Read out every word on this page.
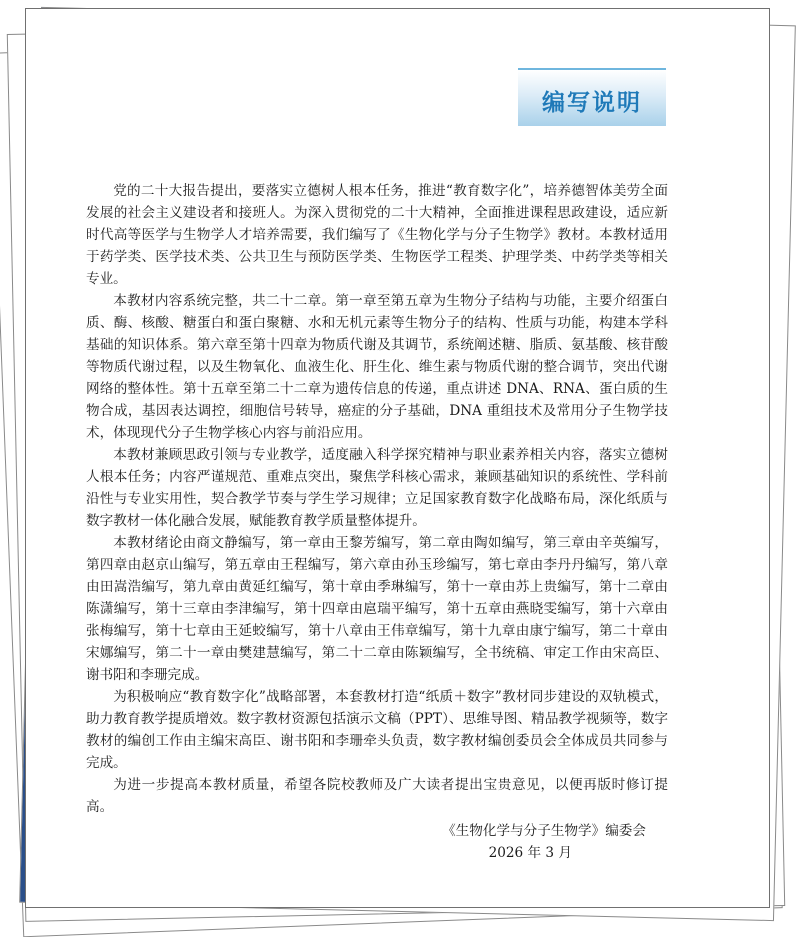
编写说明

党的二十大报告提出，要落实立德树人根本任务，推进“教育数字化”，培养德智体美劳全面发展的社会主义建设者和接班人。为深入贯彻党的二十大精神，全面推进课程思政建设，适应新时代高等医学与生物学人才培养需要，我们编写了《生物化学与分子生物学》教材。本教材适用于药学类、医学技术类、公共卫生与预防医学类、生物医学工程类、护理学类、中药学类等相关专业。

本教材内容系统完整，共二十二章。第一章至第五章为生物分子结构与功能，主要介绍蛋白质、酶、核酸、糖蛋白和蛋白聚糖、水和无机元素等生物分子的结构、性质与功能，构建本学科基础的知识体系。第六章至第十四章为物质代谢及其调节，系统阐述糖、脂质、氨基酸、核苷酸等物质代谢过程，以及生物氧化、血液生化、肝生化、维生素与物质代谢的整合调节，突出代谢网络的整体性。第十五章至第二十二章为遗传信息的传递，重点讲述 DNA、RNA、蛋白质的生物合成，基因表达调控，细胞信号转导，癌症的分子基础，DNA 重组技术及常用分子生物学技术，体现现代分子生物学核心内容与前沿应用。

本教材兼顾思政引领与专业教学，适度融入科学探究精神与职业素养相关内容，落实立德树人根本任务；内容严谨规范、重难点突出，聚焦学科核心需求，兼顾基础知识的系统性、学科前沿性与专业实用性，契合教学节奏与学生学习规律；立足国家教育数字化战略布局，深化纸质与数字教材一体化融合发展，赋能教育教学质量整体提升。

本教材绪论由商文静编写，第一章由王黎芳编写，第二章由陶如编写，第三章由辛英编写，第四章由赵京山编写，第五章由王程编写，第六章由孙玉珍编写，第七章由李丹丹编写，第八章由田嵩浩编写，第九章由黄延红编写，第十章由季琳编写，第十一章由苏上贵编写，第十二章由陈潇编写，第十三章由李津编写，第十四章由扈瑞平编写，第十五章由燕晓雯编写，第十六章由张梅编写，第十七章由王延蛟编写，第十八章由王伟章编写，第十九章由康宁编写，第二十章由宋娜编写，第二十一章由樊建慧编写，第二十二章由陈颖编写，全书统稿、审定工作由宋高臣、谢书阳和李珊完成。

为积极响应“教育数字化”战略部署，本套教材打造“纸质＋数字”教材同步建设的双轨模式，助力教育教学提质增效。数字教材资源包括演示文稿（PPT）、思维导图、精品教学视频等，数字教材的编创工作由主编宋高臣、谢书阳和李珊牵头负责，数字教材编创委员会全体成员共同参与完成。

为进一步提高本教材质量，希望各院校教师及广大读者提出宝贵意见，以便再版时修订提高。

《生物化学与分子生物学》编委会
2026 年 3 月
